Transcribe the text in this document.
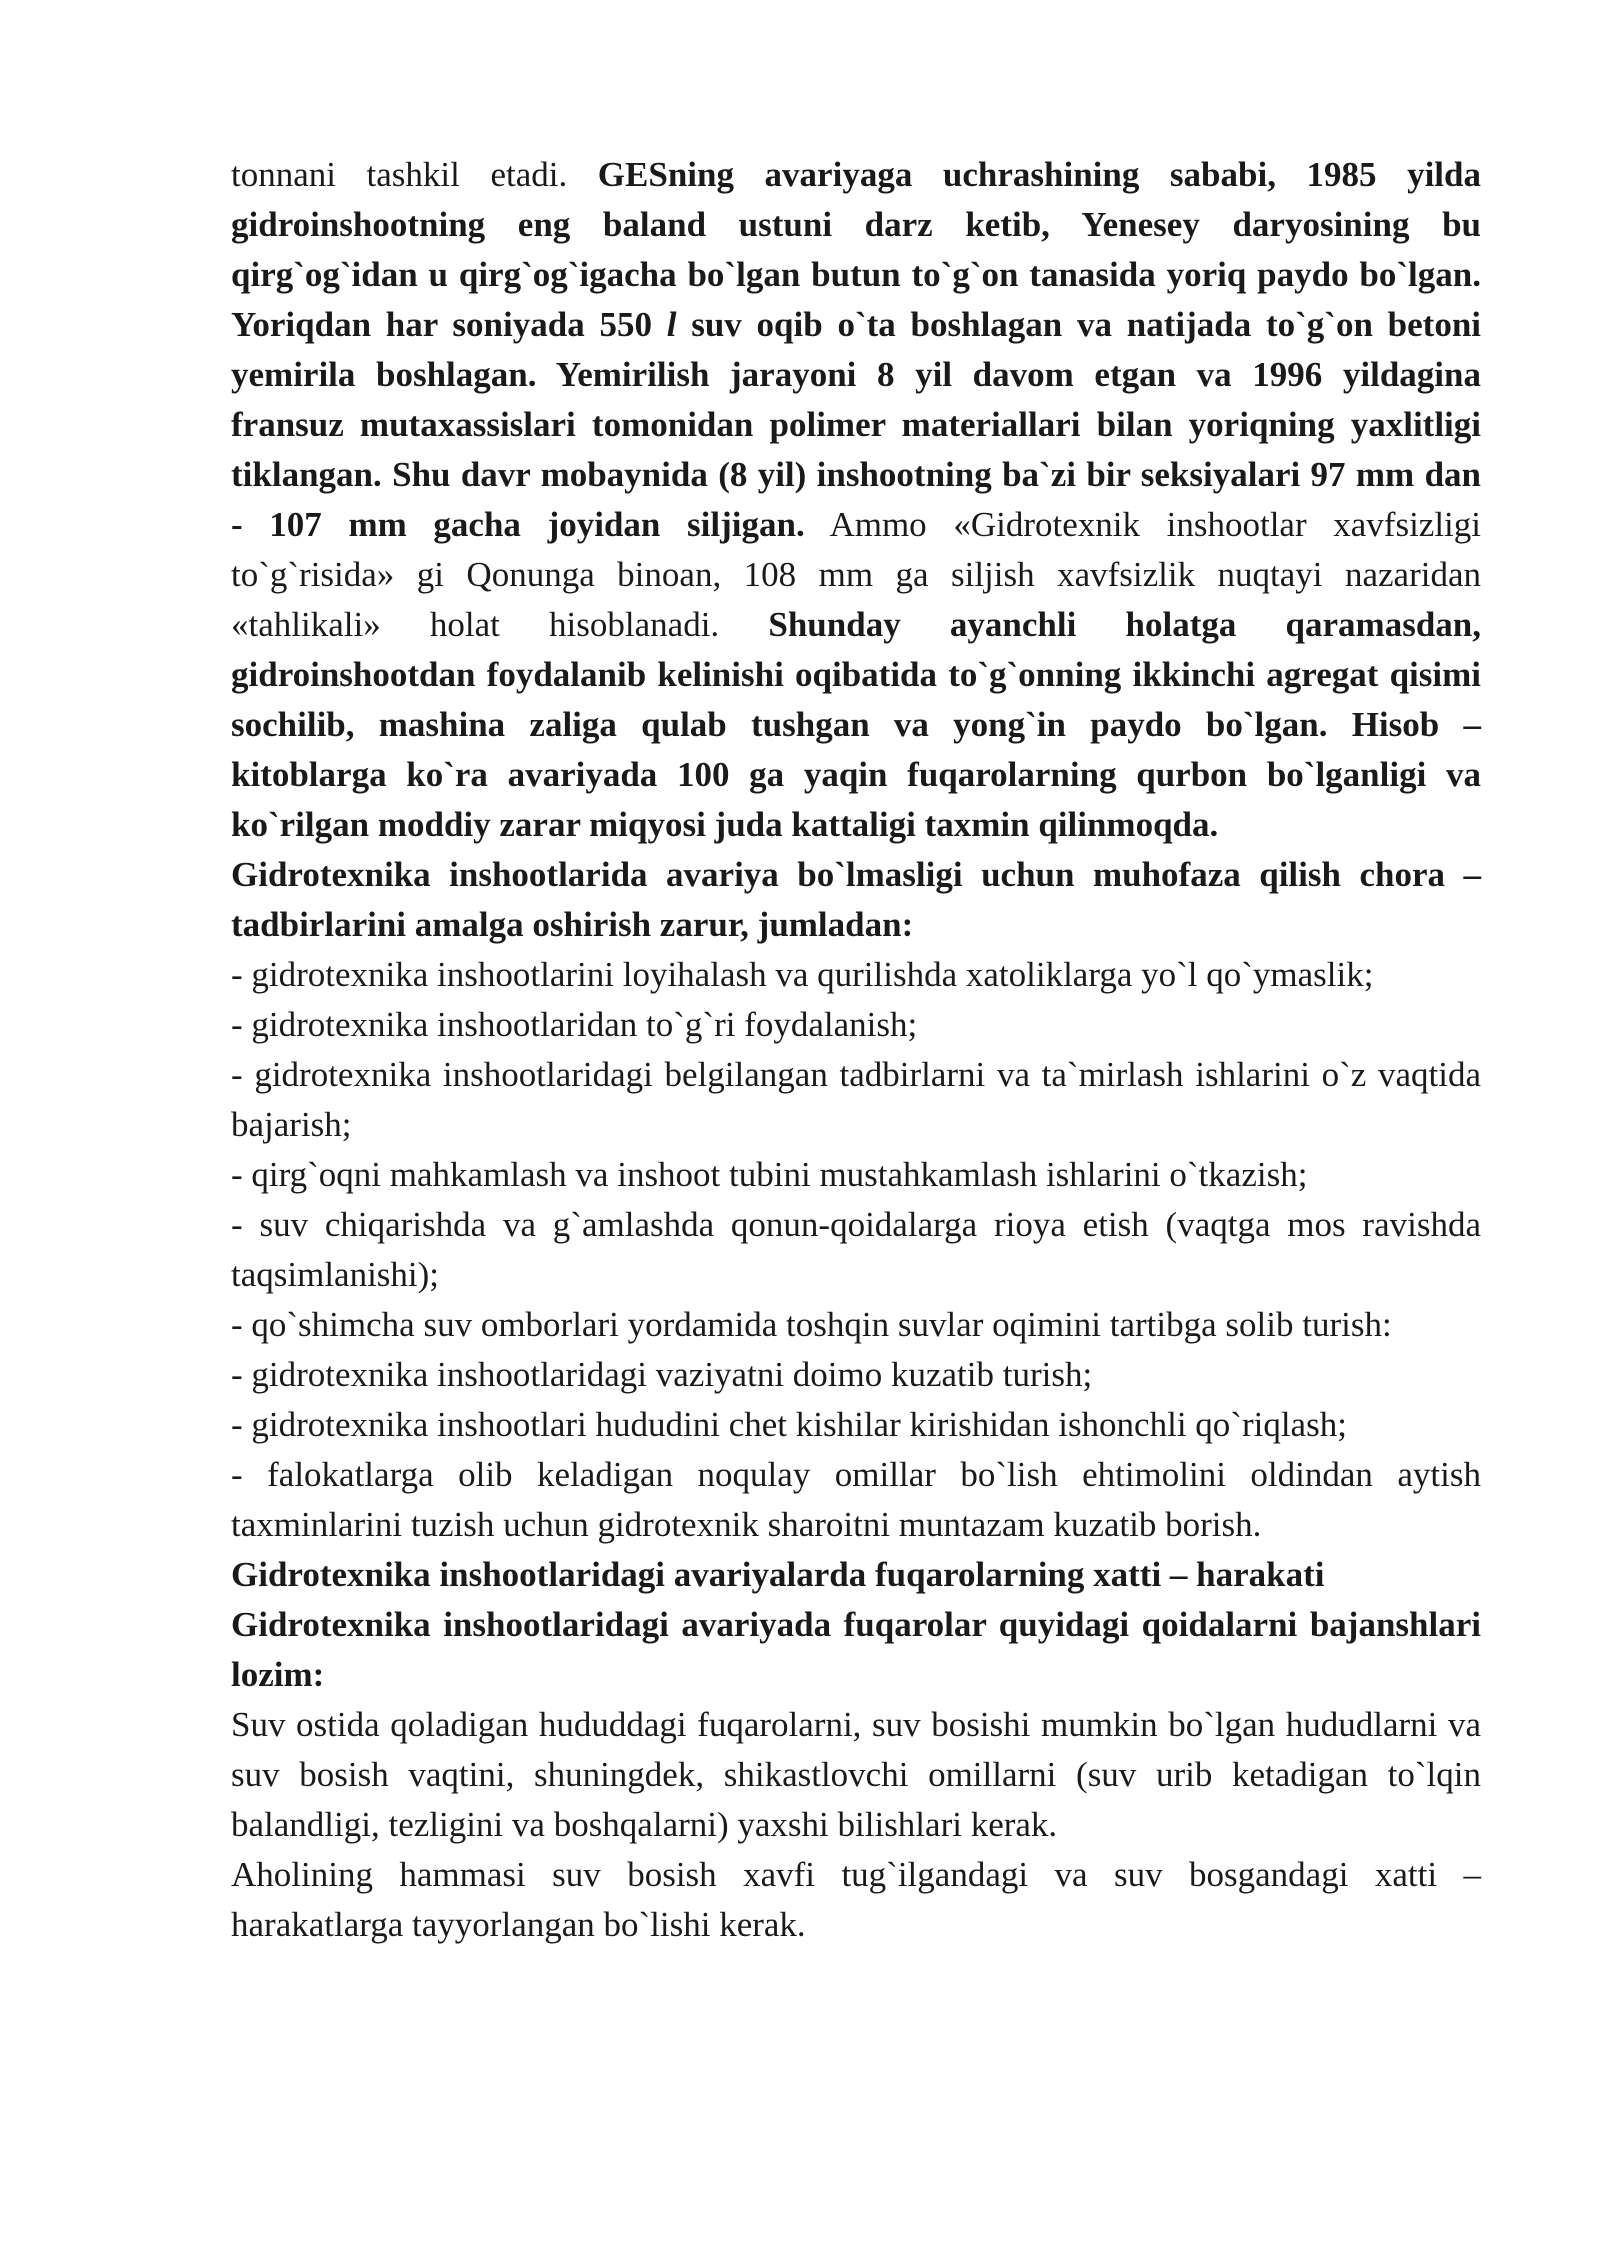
tonnani tashkil etadi. GESning avariyaga uchrashining sababi, 1985 yilda gidroinshootning eng baland ustuni darz ketib, Yenesey daryosining bu qirg`og`idan u qirg`og`igacha bo`lgan butun to`g`on tanasida yoriq paydo bo`lgan. Yoriqdan har soniyada 550 l suv oqib o`ta boshlagan va natijada to`g`on betoni yemirila boshlagan. Yemirilish jarayoni 8 yil davom etgan va 1996 yildagina fransuz mutaxassislari tomonidan polimer materiallari bilan yoriqning yaxlitligi tiklangan. Shu davr mobaynida (8 yil) inshootning ba`zi bir seksiyalari 97 mm dan - 107 mm gacha joyidan siljigan. Ammo «Gidrotexnik inshootlar xavfsizligi to`g`risida» gi Qonunga binoan, 108 mm ga siljish xavfsizlik nuqtayi nazaridan «tahlikali» holat hisoblanadi. Shunday ayanchli holatga qaramasdan, gidroinshootdan foydalanib kelinishi oqibatida to`g`onning ikkinchi agregat qisimi sochilib, mashina zaliga qulab tushgan va yong`in paydo bo`lgan. Hisob – kitoblarga ko`ra avariyada 100 ga yaqin fuqarolarning qurbon bo`lganligi va ko`rilgan moddiy zarar miqyosi juda kattaligi taxmin qilinmoqda.

Gidrotexnika inshootlarida avariya bo`lmasligi uchun muhofaza qilish chora – tadbirlarini amalga oshirish zarur, jumladan:

- gidrotexnika inshootlarini loyihalash va qurilishda xatoliklarga yo`l qo`ymaslik;

- gidrotexnika inshootlaridan to`g`ri foydalanish;

- gidrotexnika inshootlaridagi belgilangan tadbirlarni va ta`mirlash ishlarini o`z vaqtida bajarish;

- qirg`oqni mahkamlash va inshoot tubini mustahkamlash ishlarini o`tkazish;

- suv chiqarishda va g`amlashda qonun-qoidalarga rioya etish (vaqtga mos ravishda taqsimlanishi);

- qo`shimcha suv omborlari yordamida toshqin suvlar oqimini tartibga solib turish:

- gidrotexnika inshootlaridagi vaziyatni doimo kuzatib turish;

- gidrotexnika inshootlari hududini chet kishilar kirishidan ishonchli qo`riqlash;

- falokatlarga olib keladigan noqulay omillar bo`lish ehtimolini oldindan aytish taxminlarini tuzish uchun gidrotexnik sharoitni muntazam kuzatib borish.

Gidrotexnika inshootlaridagi avariyalarda fuqarolarning xatti – harakati

Gidrotexnika inshootlaridagi avariyada fuqarolar quyidagi qoidalarni bajanshlari lozim:

Suv ostida qoladigan hududdagi fuqarolarni, suv bosishi mumkin bo`lgan hududlarni va suv bosish vaqtini, shuningdek, shikastlovchi omillarni (suv urib ketadigan to`lqin balandligi, tezligini va boshqalarni) yaxshi bilishlari kerak.

Aholining hammasi suv bosish xavfi tug`ilgandagi va suv bosgandagi xatti – harakatlarga tayyorlangan bo`lishi kerak.
